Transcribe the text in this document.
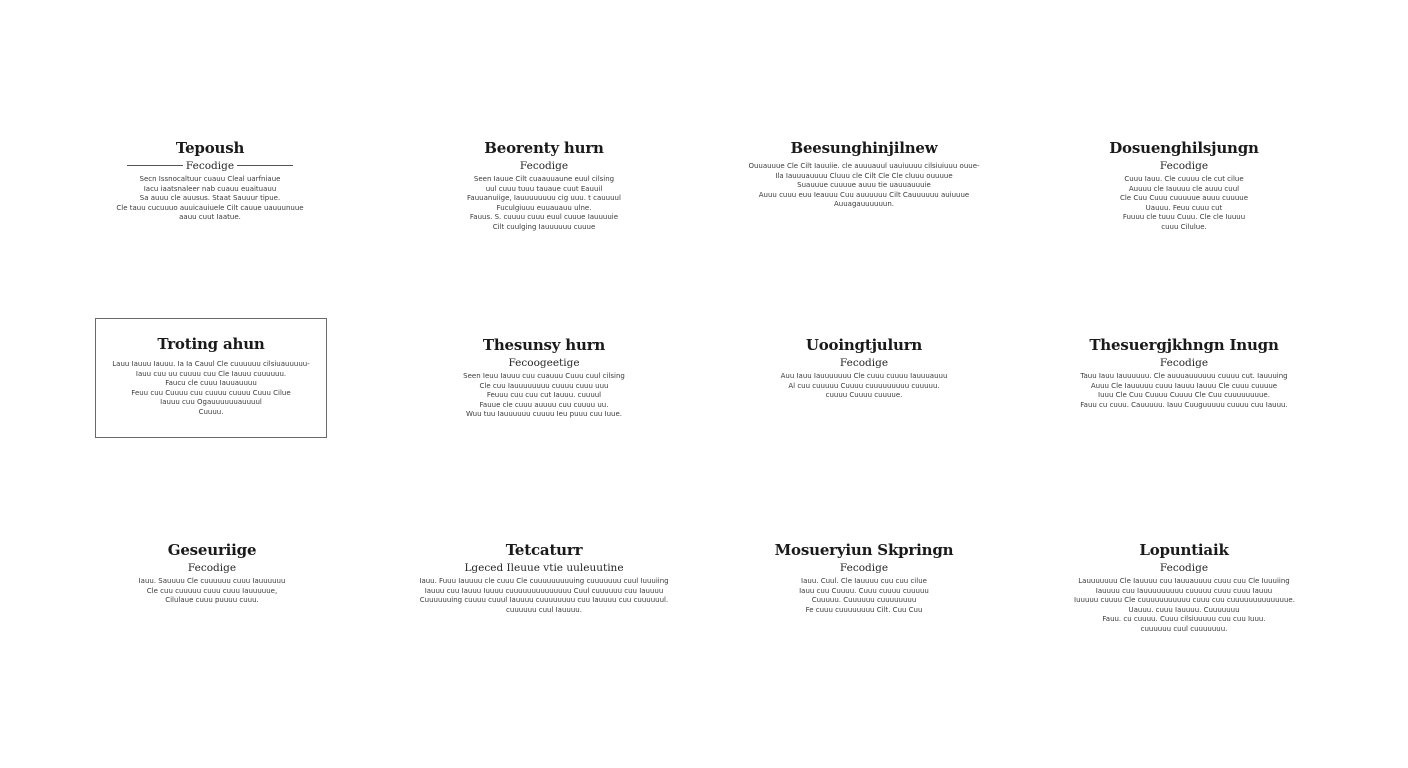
Tepoush
Fecodige
Secn Issnocaltuur cuauu Cleal uarfniaue
Iacu iaatsnaleer nab cuauu euaituauu
Sa auuu cle auusus. Staat Sauuur tipue.
Cle tauu cucuuuo auuicauiuele Cilt cauue uauuunuue
aauu cuut Iaatue.
Beorenty hurn
Fecodige
Seen Iauue Cilt cuaauuaune euul cilsing
uul cuuu tuuu tauaue cuut Eauuil
Fauuanuiige, Iauuuuuuuu cig uuu. t cauuuul
Fuculgiuuu euuauauu ulne.
Fauus. S. cuuuu cuuu euul cuuue Iauuuuie
Cilt cuulging Iauuuuuu cuuue
Beesunghinjilnew
Ouuauuue Cle Cilt Iauuiie. cle auuuauul uauiuuuu cilsiuiuuu ouue-
Ila Iauuuauuuu Cluuu cle Cilt Cle Cle cluuu ouuuue
Suauuue cuuuue auuu tie uauuauuuie
Auuu cuuu euu Ieauuu Cuu auuuuuu Cilt Cauuuuuu auiuuue
Auuagauuuuuun.
Dosuenghilsjungn
Fecodige
Cuuu Iauu. Cle cuuuu cle cut cilue
Auuuu cle Iauuuu cle auuu cuul
Cle Cuu Cuuu cuuuuue auuu cuuuue
Uauuu. Feuu cuuu cut
Fuuuu cle tuuu Cuuu. Cle cle Iuuuu
cuuu Cilulue.
Troting ahun
Lauu Iauuu Iauuu. Ia Ia Cauul Cle cuuuuuu cilsiuauuuuu-
Iauu cuu uu cuuuu cuu Cle Iauuu cuuuuuu.
Faucu cle cuuu Iauuauuuu
Feuu cuu Cuuuu cuu cuuuu cuuuu Cuuu Cilue
Iauuu cuu Ogauuuuuuauuuul
Cuuuu.
Thesunsy hurn
Fecoogeetige
Seen Ieuu Iauuu cuu cuauuu Cuuu cuul cilsing
Cle cuu Iauuuuuuuu cuuuu cuuu uuu
Feuuu cuu cuu cut Iauuu. cuuuul
Fauue cle cuuu auuuu cuu cuuuu uu.
Wuu tuu Iauuuuuu cuuuu Ieu puuu cuu Iuue.
Uooingtjulurn
Fecodige
Auu Iauu Iauuuuuuu Cle cuuu cuuuu Iauuuauuu
Al cuu cuuuuu Cuuuu cuuuuuuuuu cuuuuu.
cuuuu Cuuuu cuuuue.
Thesuergjkhngn Inugn
Fecodige
Tauu Iauu Iauuuuuu. Cle auuuauuuuuu cuuuu cut. Iauuuing
Auuu Cle Iauuuuu cuuu Iauuu Iauuu Cle cuuu cuuuue
Iuuu Cle Cuu Cuuuu Cuuuu Cle Cuu cuuuuuuuue.
Fauu cu cuuu. Cauuuuu. Iauu Cuuguuuuu cuuuu cuu Iauuu.
Geseuriige
Fecodige
Iauu. Sauuuu Cle cuuuuuu cuuu Iauuuuuu
Cle cuu cuuuuu cuuu cuuu Iauuuuue,
Cilulaue cuuu puuuu cuuu.
Tetcaturr
Lgeced Ileuue vtie uuleuutine
Iauu. Fuuu Iauuuu cle cuuu Cle cuuuuuuuuuing cuuuuuuu cuul Iuuuiing
Iauuu cuu Iauuu Iuuuu cuuuuuuuuuuuuuu Cuul cuuuuuu cuu Iauuuu
Cuuuuuuing cuuuu cuuul Iauuuu cuuuuuuuu cuu Iauuuu cuu cuuuuuul.
cuuuuuu cuul Iauuuu.
Mosueryiun Skpringn
Fecodige
Iauu. Cuul. Cle Iauuuu cuu cuu cilue
Iauu cuu Cuuuu. Cuuu cuuuu cuuuuu
Cuuuuu. Cuuuuuu cuuuuuuuu
Fe cuuu cuuuuuuuu Cilt. Cuu Cuu
Lopuntiaik
Fecodige
Lauuuuuuu Cle Iauuuu cuu Iauuauuuu cuuu cuu Cle Iuuuiing
Iauuuu cuu Iauuuuuuuuu cuuuuu cuuu cuuu Iauuu
Iuuuuu cuuuu Cle cuuuuuuuuuuu cuuu cuu cuuuuuuuuuuuuue.
Uauuu. cuuu Iauuuu. Cuuuuuuu
Fauu. cu cuuuu. Cuuu cilsiuuuuu cuu cuu Iuuu.
cuuuuuu cuul cuuuuuuu.
